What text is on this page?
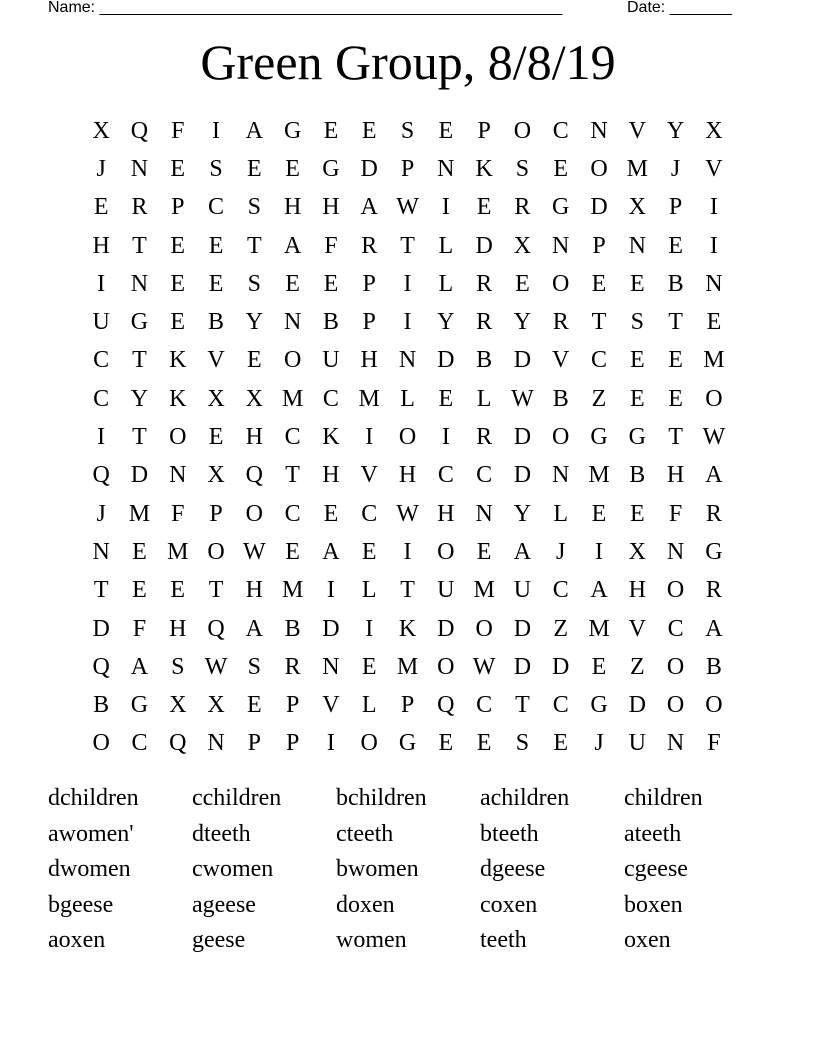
Name: ____________________________________________________	Date: _______
Green Group, 8/8/19
X Q F	I	A G E E	S	E	P O C N V Y X
J	N E	S	E E G D P N K S	E O M J	V
E R P C S H H A W I	E R G D X P	I
H T E E T A F R T L D X N P N E	I
I	N E E	S	E E	P	I	L R E O E E B N
U G E B Y N B P	I	Y R Y R T	S	T E
C T K V E O U H N D B D V C E E M
C Y K X X M C M L E L W B Z E E O
I	T O E H C K	I	O	I	R D O G G T W
Q D N X Q T H V H C C D N M B H A
J M F	P O C E C W H N Y L E E	F R
N E M O W E A E	I	O E A	J	I	X N G
T E E T H M I	L T U M U C A H O R
D F H Q A B D	I	K D O D Z M V C A
Q A S W S R N E M O W D D E Z O B
B G X X E	P V L	P Q C T C G D O O
O C Q N P	P	I	O G E E	S	E	J	U N F
dchildren	cchildren	bchildren	achildren	children
awomen'	dteeth	cteeth	bteeth	ateeth
dwomen	cwomen	bwomen	dgeese	cgeese
bgeese	ageese	doxen	coxen	boxen
aoxen	geese	women	teeth	oxen
